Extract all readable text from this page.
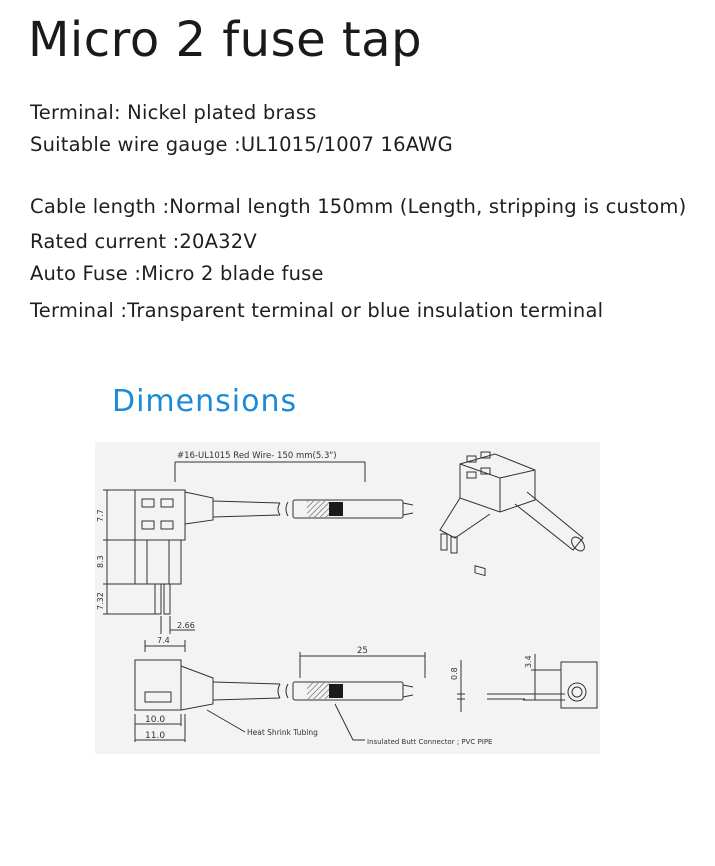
Micro 2 fuse tap
Terminal: Nickel plated brass
Suitable wire gauge :UL1015/1007 16AWG
Cable length :Normal length 150mm (Length, stripping is custom)
Rated current :20A32V
Auto Fuse :Micro 2 blade fuse
Terminal :Transparent terminal or blue insulation terminal
Dimensions
#16-UL1015 Red Wire- 150 mm(5.3")
7.7
8.3
7.32
2.66
7.4
25
0.8
3.4
10.0
11.0	Heat Shrink Tubing
Insulated Butt Connector ; PVC PIPE
